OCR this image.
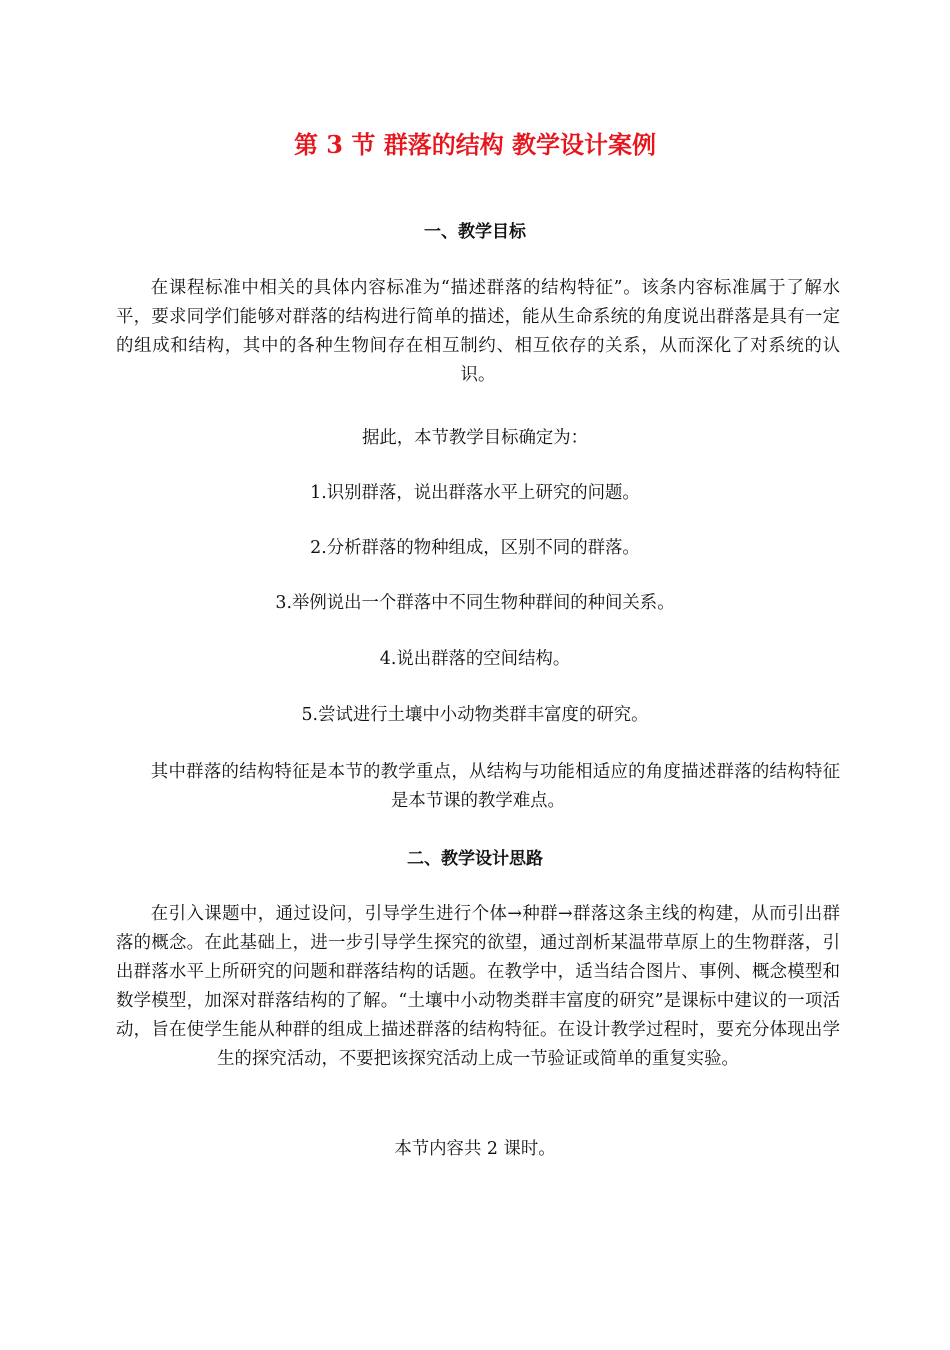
第 3 节 群落的结构 教学设计案例
一、教学目标
在课程标准中相关的具体内容标准为“描述群落的结构特征”。该条内容标准属于了解水平，要求同学们能够对群落的结构进行简单的描述，能从生命系统的角度说出群落是具有一定的组成和结构，其中的各种生物间存在相互制约、相互依存的关系，从而深化了对系统的认识。
据此，本节教学目标确定为：
1.识别群落，说出群落水平上研究的问题。
2.分析群落的物种组成，区别不同的群落。
3.举例说出一个群落中不同生物种群间的种间关系。
4.说出群落的空间结构。
5.尝试进行土壤中小动物类群丰富度的研究。
其中群落的结构特征是本节的教学重点，从结构与功能相适应的角度描述群落的结构特征是本节课的教学难点。
二、教学设计思路
在引入课题中，通过设问，引导学生进行个体→种群→群落这条主线的构建，从而引出群落的概念。在此基础上，进一步引导学生探究的欲望，通过剖析某温带草原上的生物群落，引出群落水平上所研究的问题和群落结构的话题。在教学中，适当结合图片、事例、概念模型和数学模型，加深对群落结构的了解。“土壤中小动物类群丰富度的研究”是课标中建议的一项活动，旨在使学生能从种群的组成上描述群落的结构特征。在设计教学过程时，要充分体现出学生的探究活动，不要把该探究活动上成一节验证或简单的重复实验。
本节内容共 2 课时。
